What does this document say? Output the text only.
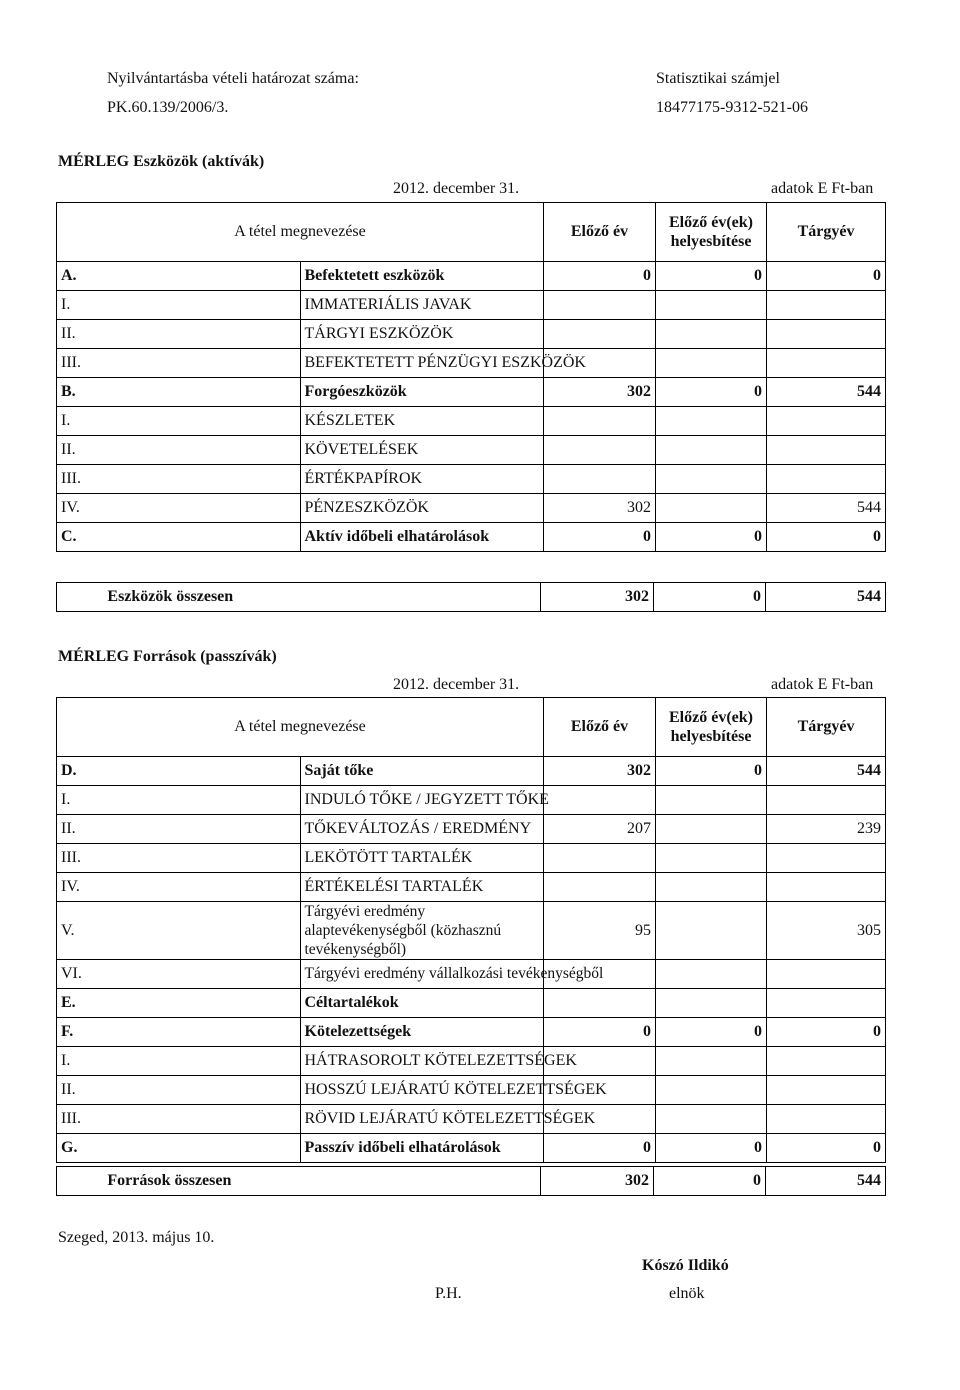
Nyilvántartásba vételi határozat száma:
PK.60.139/2006/3.
Statisztikai számjel
18477175-9312-521-06
MÉRLEG Eszközök (aktívák)
2012. december 31.	adatok E Ft-ban
A tétel megnevezése		Előző év	Előző év(ek)
helyesbítése	Tárgyév
A.	Befektetett eszközök	0	0	0
I.	IMMATERIÁLIS JAVAK			
II.	TÁRGYI ESZKÖZÖK			
III.	BEFEKTETETT PÉNZÜGYI ESZKÖZÖK			
B.	Forgóeszközök	302	0	544
I.	KÉSZLETEK			
II.	KÖVETELÉSEK			
III.	ÉRTÉKPAPÍROK			
IV.	PÉNZESZKÖZÖK	302		544
C.	Aktív időbeli elhatárolások	0	0	0
	Eszközök összesen	302	0	544
MÉRLEG Források (passzívák)
2012. december 31.	adatok E Ft-ban
A tétel megnevezése		Előző év	Előző év(ek)
helyesbítése	Tárgyév
D.	Saját tőke	302	0	544
I.	INDULÓ TŐKE / JEGYZETT TŐKE			
II.	TŐKEVÁLTOZÁS / EREDMÉNY	207		239
III.	LEKÖTÖTT TARTALÉK			
IV.	ÉRTÉKELÉSI TARTALÉK			
V.	Tárgyévi eredmény alaptevékenységből (közhasznú tevékenységből)	95		305
VI.	Tárgyévi eredmény vállalkozási tevékenységből			
E.	Céltartalékok			
F.	Kötelezettségek	0	0	0
I.	HÁTRASOROLT KÖTELEZETTSÉGEK			
II.	HOSSZÚ LEJÁRATÚ KÖTELEZETTSÉGEK			
III.	RÖVID LEJÁRATÚ KÖTELEZETTSÉGEK			
G.	Passzív időbeli elhatárolások	0	0	0
	Források összesen	302	0	544
Szeged, 2013. május 10.
Kószó Ildikó
P.H.	elnök
